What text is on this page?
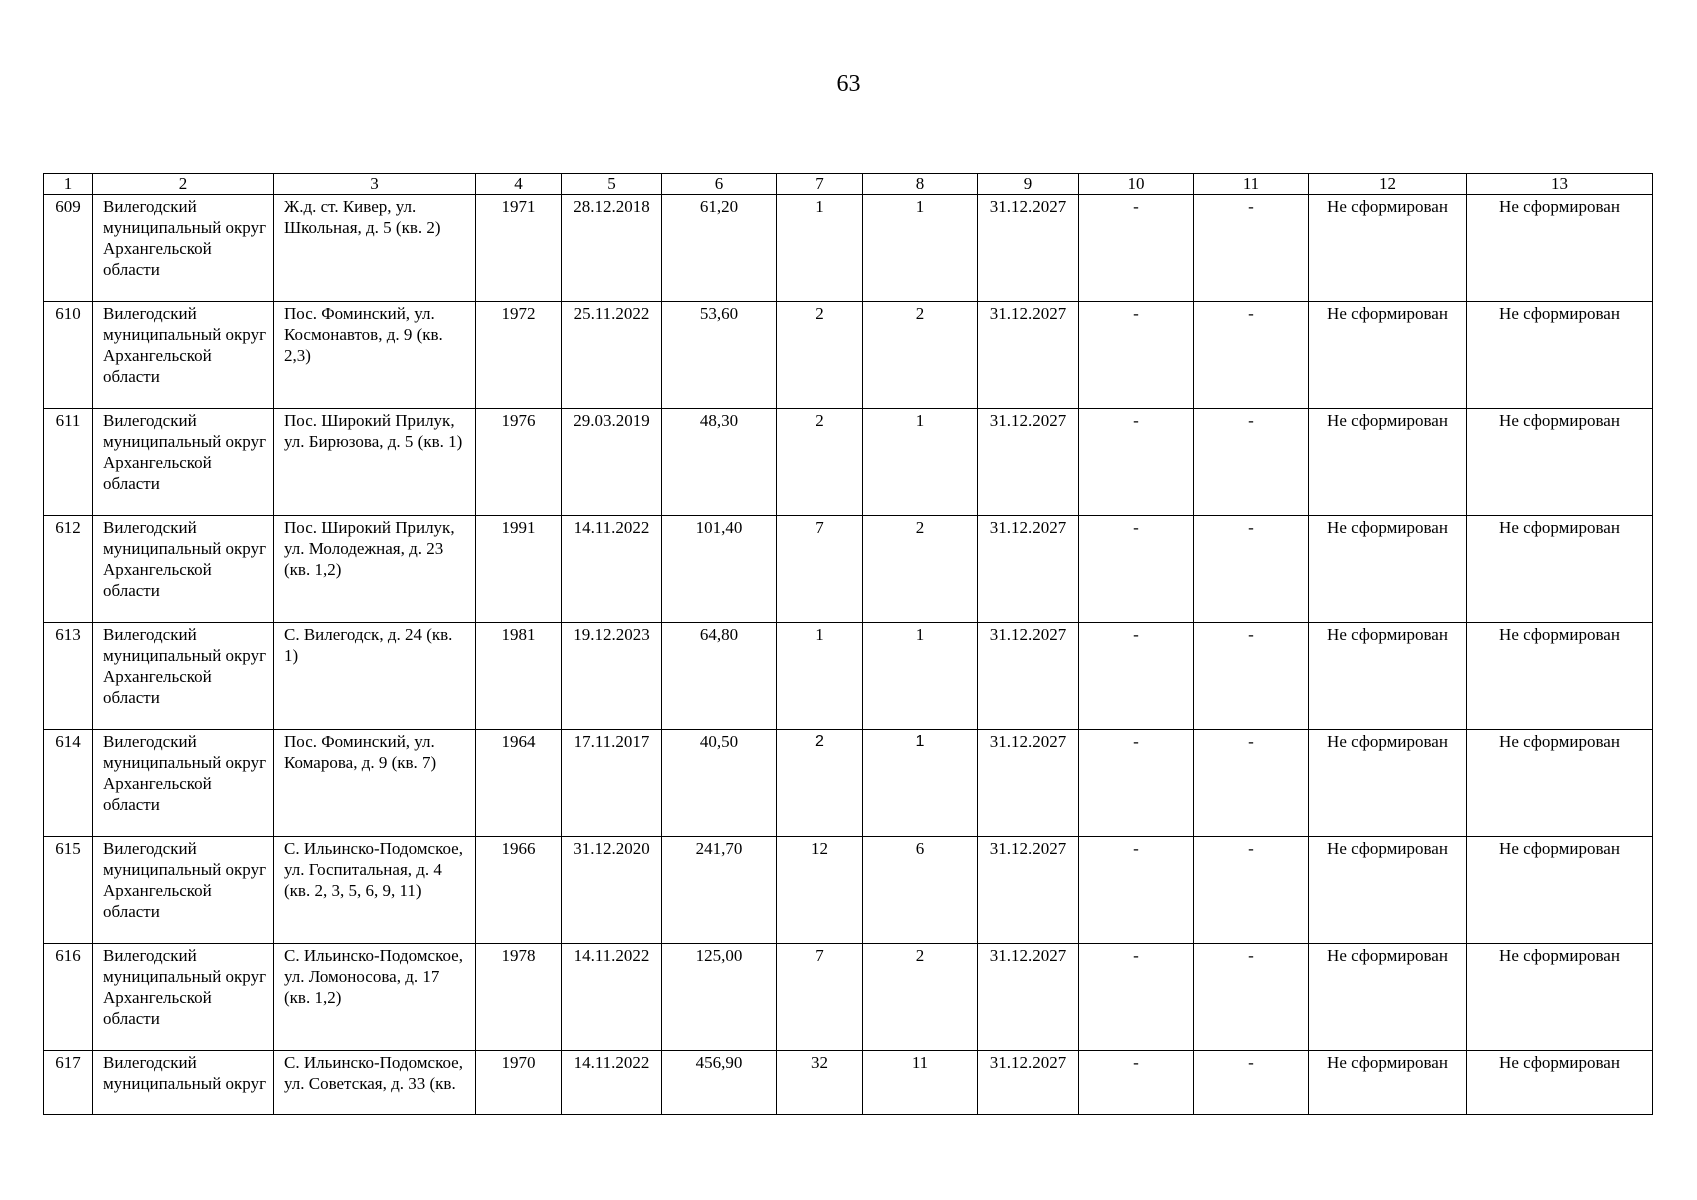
63
1	2	3	4	5	6	7	8	9	10	11	12	13
609	Вилегодский муниципальный округ Архангельской области	Ж.д. ст. Кивер, ул. Школьная, д. 5 (кв. 2)	1971	28.12.2018	61,20	1	1	31.12.2027	-	-	Не сформирован	Не сформирован
610	Вилегодский муниципальный округ Архангельской области	Пос. Фоминский, ул. Космонавтов, д. 9 (кв. 2,3)	1972	25.11.2022	53,60	2	2	31.12.2027	-	-	Не сформирован	Не сформирован
611	Вилегодский муниципальный округ Архангельской области	Пос. Широкий Прилук, ул. Бирюзова, д. 5 (кв. 1)	1976	29.03.2019	48,30	2	1	31.12.2027	-	-	Не сформирован	Не сформирован
612	Вилегодский муниципальный округ Архангельской области	Пос. Широкий Прилук, ул. Молодежная, д. 23 (кв. 1,2)	1991	14.11.2022	101,40	7	2	31.12.2027	-	-	Не сформирован	Не сформирован
613	Вилегодский муниципальный округ Архангельской области	С. Вилегодск, д. 24 (кв. 1)	1981	19.12.2023	64,80	1	1	31.12.2027	-	-	Не сформирован	Не сформирован
614	Вилегодский муниципальный округ Архангельской области	Пос. Фоминский, ул. Комарова, д. 9 (кв. 7)	1964	17.11.2017	40,50	2	1	31.12.2027	-	-	Не сформирован	Не сформирован
615	Вилегодский муниципальный округ Архангельской области	С. Ильинско-Подомское, ул. Госпитальная, д. 4 (кв. 2, 3, 5, 6, 9, 11)	1966	31.12.2020	241,70	12	6	31.12.2027	-	-	Не сформирован	Не сформирован
616	Вилегодский муниципальный округ Архангельской области	С. Ильинско-Подомское, ул. Ломоносова, д. 17 (кв. 1,2)	1978	14.11.2022	125,00	7	2	31.12.2027	-	-	Не сформирован	Не сформирован
617	Вилегодский муниципальный округ	С. Ильинско-Подомское, ул. Советская, д. 33 (кв.	1970	14.11.2022	456,90	32	11	31.12.2027	-	-	Не сформирован	Не сформирован
